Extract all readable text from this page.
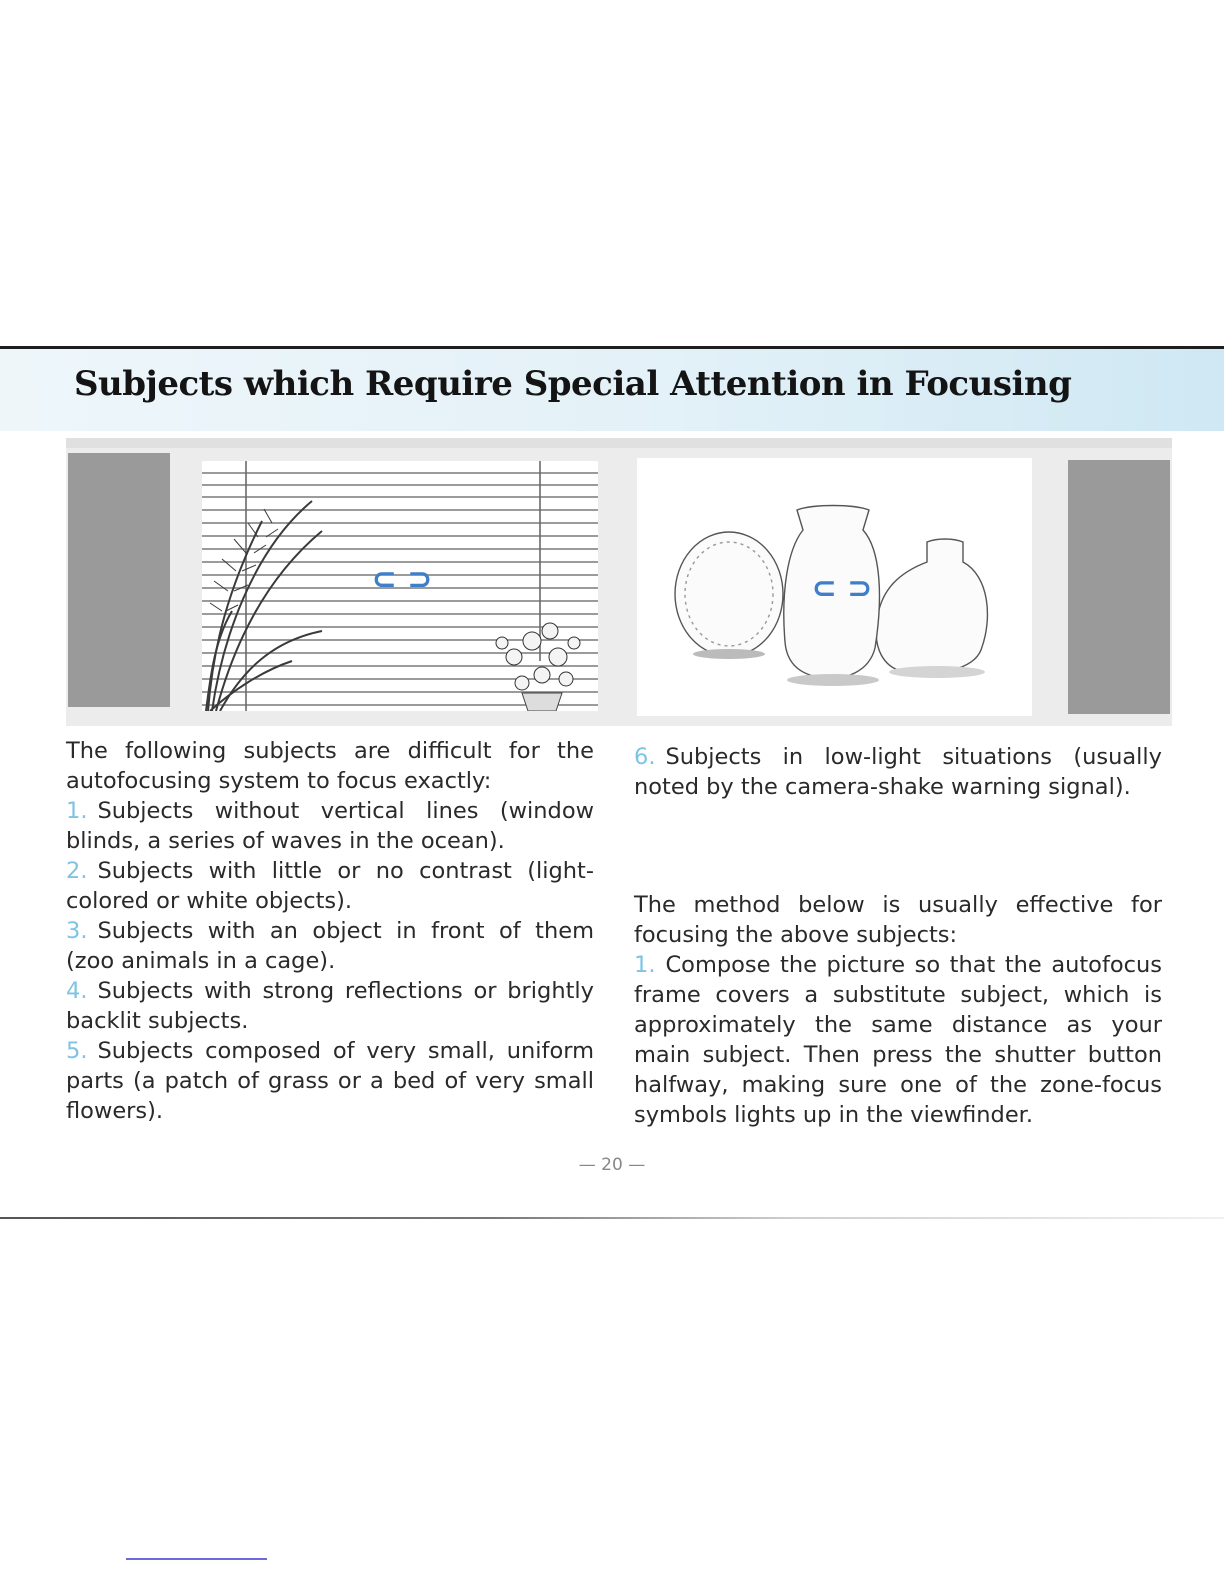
Subjects which Require Special Attention in Focusing
⊂ ⊃	⊂ ⊃

The following subjects are difficult for the autofocusing system to focus exactly:

1. Subjects without vertical lines (window blinds, a series of waves in the ocean).

2. Subjects with little or no contrast (light-colored or white objects).

3. Subjects with an object in front of them (zoo animals in a cage).

4. Subjects with strong reflections or brightly backlit subjects.

5. Subjects composed of very small, uniform parts (a patch of grass or a bed of very small flowers).

6. Subjects in low-light situations (usually noted by the camera-shake warning signal).

The method below is usually effective for focusing the above subjects:

1. Compose the picture so that the autofocus frame covers a substitute subject, which is approximately the same distance as your main subject. Then press the shutter button halfway, making sure one of the zone-focus symbols lights up in the viewfinder.

— 20 —
